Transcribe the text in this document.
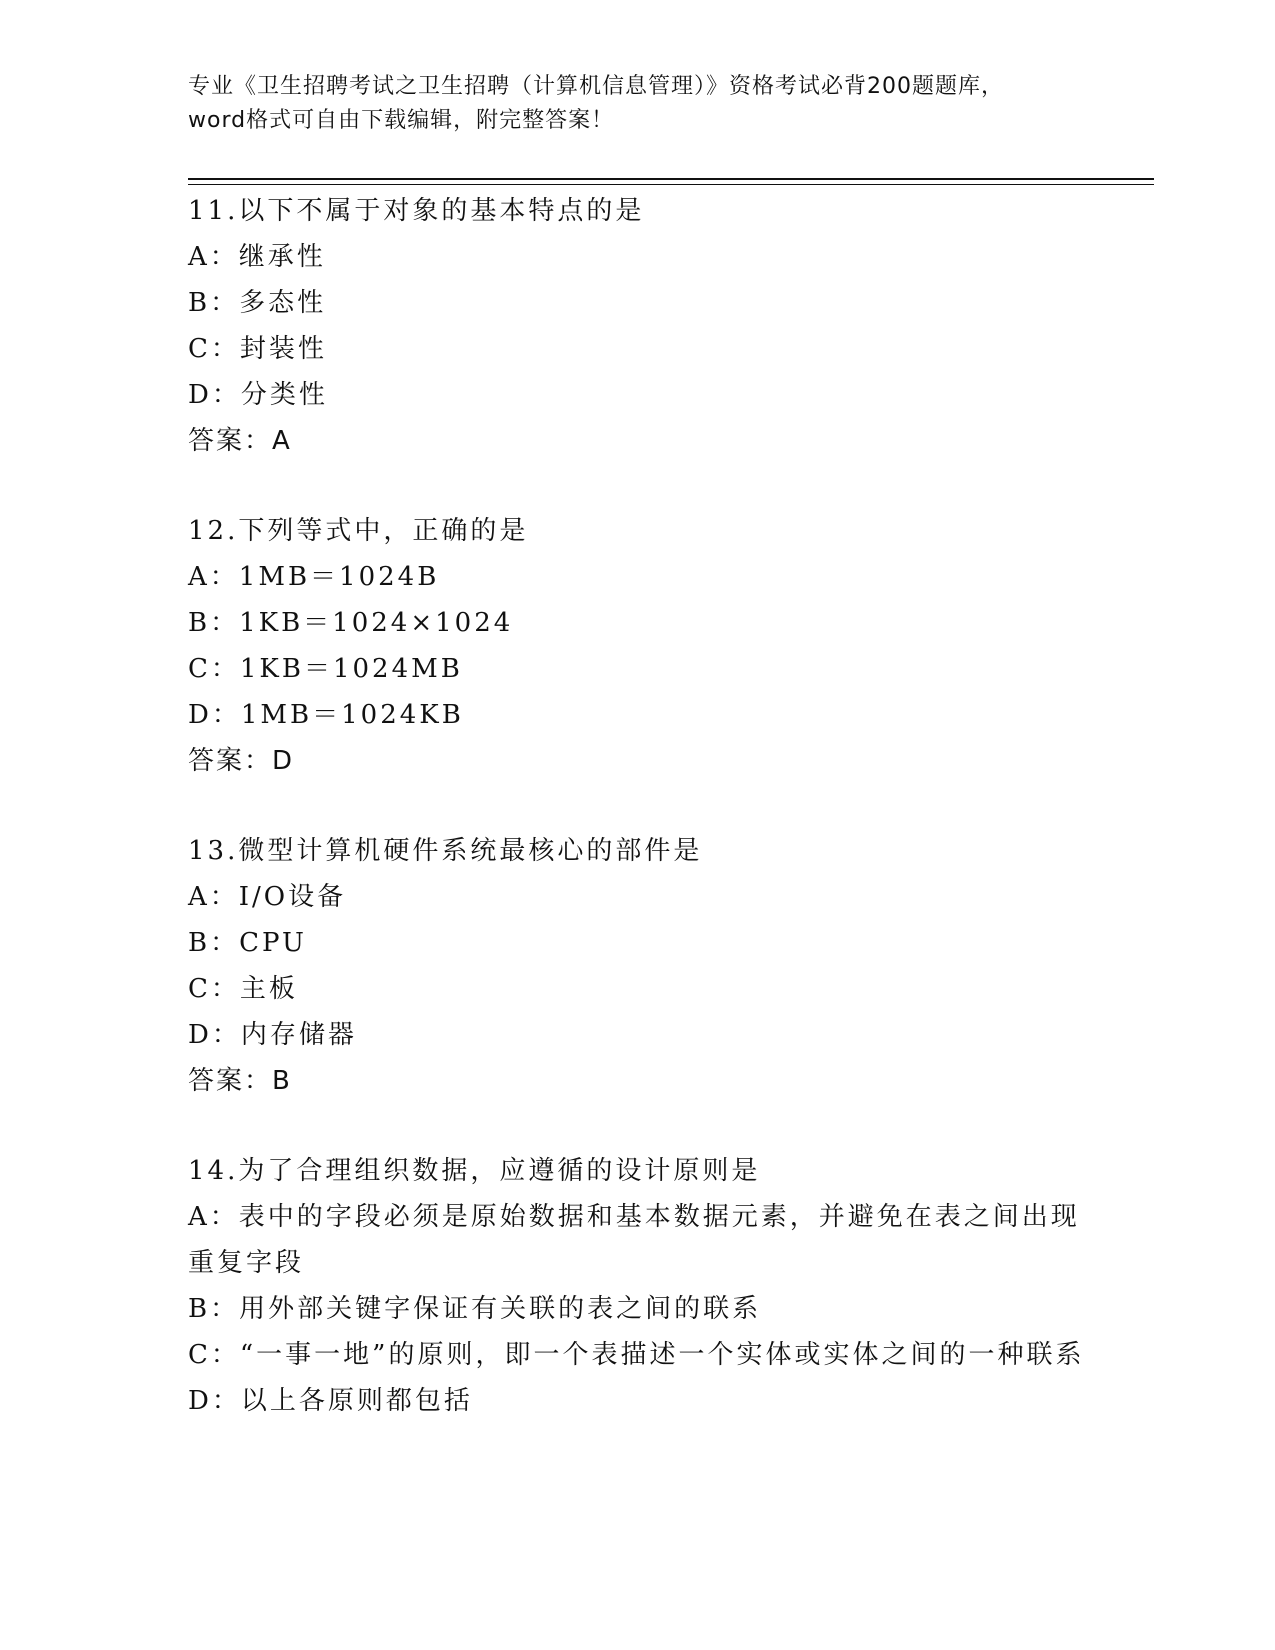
专业《卫生招聘考试之卫生招聘（计算机信息管理）》资格考试必背200题题库，
word格式可自由下载编辑，附完整答案！
11.以下不属于对象的基本特点的是
A：继承性
B：多态性
C：封装性
D：分类性
答案：A
12.下列等式中，正确的是
A：1MB＝1024B
B：1KB＝1024×1024
C：1KB＝1024MB
D：1MB＝1024KB
答案：D
13.微型计算机硬件系统最核心的部件是
A：I/O设备
B：CPU
C：主板
D：内存储器
答案：B
14.为了合理组织数据，应遵循的设计原则是
A：表中的字段必须是原始数据和基本数据元素，并避免在表之间出现重复字段
B：用外部关键字保证有关联的表之间的联系
C：“一事一地”的原则，即一个表描述一个实体或实体之间的一种联系
D：以上各原则都包括
